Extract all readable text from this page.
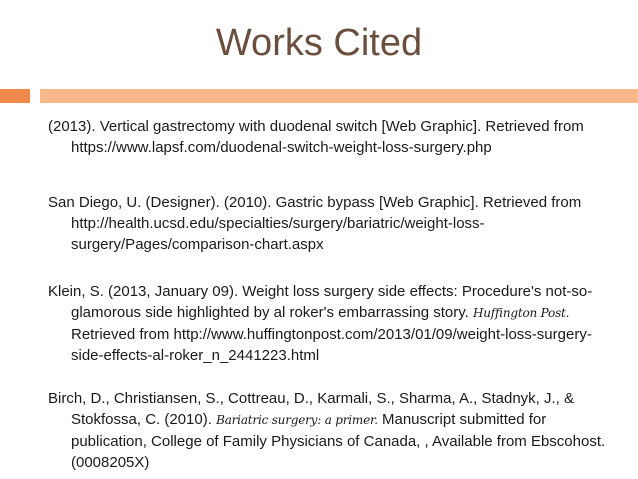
Works Cited

(2013). Vertical gastrectomy with duodenal switch [Web Graphic]. Retrieved from https://www.lapsf.com/duodenal-switch-weight-loss-surgery.php

San Diego, U. (Designer). (2010). Gastric bypass [Web Graphic]. Retrieved from http://health.ucsd.edu/specialties/surgery/bariatric/weight-loss-surgery/Pages/comparison-chart.aspx

Klein, S. (2013, January 09). Weight loss surgery side effects: Procedure's not-so-glamorous side highlighted by al roker's embarrassing story. Huffington Post. Retrieved from http://www.huffingtonpost.com/2013/01/09/weight-loss-surgery-side-effects-al-roker_n_2441223.html

Birch, D., Christiansen, S., Cottreau, D., Karmali, S., Sharma, A., Stadnyk, J., & Stokfossa, C. (2010). Bariatric surgery: a primer. Manuscript submitted for publication, College of Family Physicians of Canada, , Available from Ebscohost. (0008205X)
